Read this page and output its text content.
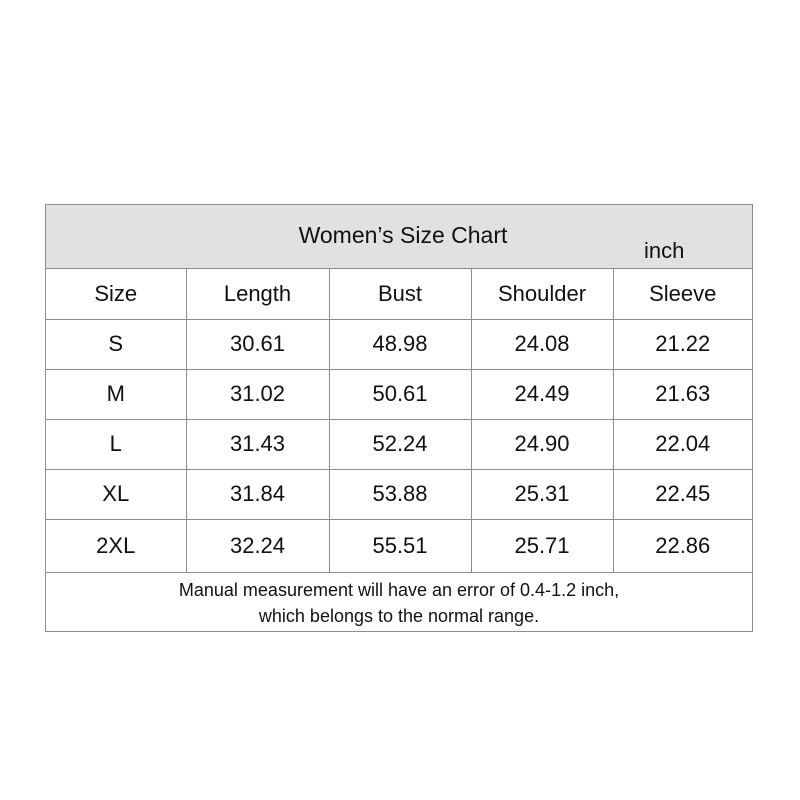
Women’s Size Chart
inch
Size	Length	Bust	Shoulder	Sleeve
S	30.61	48.98	24.08	21.22
M	31.02	50.61	24.49	21.63
L	31.43	52.24	24.90	22.04
XL	31.84	53.88	25.31	22.45
2XL	32.24	55.51	25.71	22.86
Manual measurement will have an error of 0.4-1.2 inch,
which belongs to the normal range.
